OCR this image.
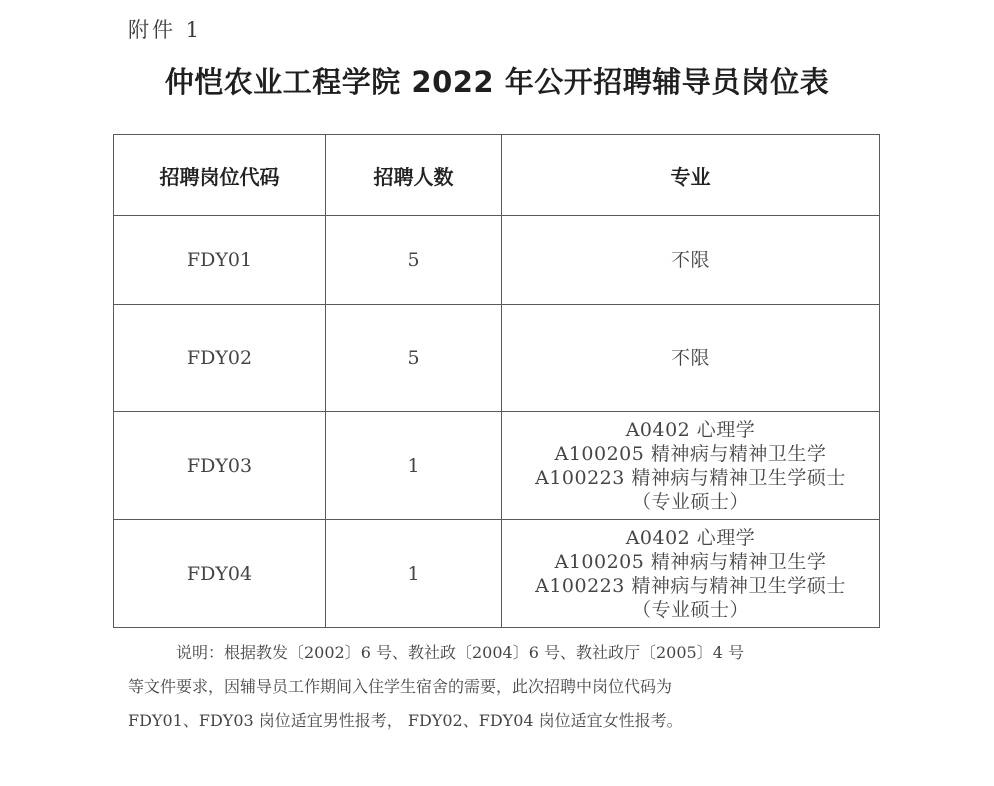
附件 1
仲恺农业工程学院 2022 年公开招聘辅导员岗位表
招聘岗位代码	招聘人数	专业
FDY01	5	不限

FDY02	5	不限

FDY03	1	A0402 心理学
A100205 精神病与精神卫生学
A100223 精神病与精神卫生学硕士
（专业硕士）

FDY04	1	A0402 心理学
A100205 精神病与精神卫生学
A100223 精神病与精神卫生学硕士
（专业硕士）

说明：根据教发〔2002〕6 号、教社政〔2004〕6 号、教社政厅〔2005〕4 号

等文件要求，因辅导员工作期间入住学生宿舍的需要，此次招聘中岗位代码为

FDY01、FDY03 岗位适宜男性报考， FDY02、FDY04 岗位适宜女性报考。
